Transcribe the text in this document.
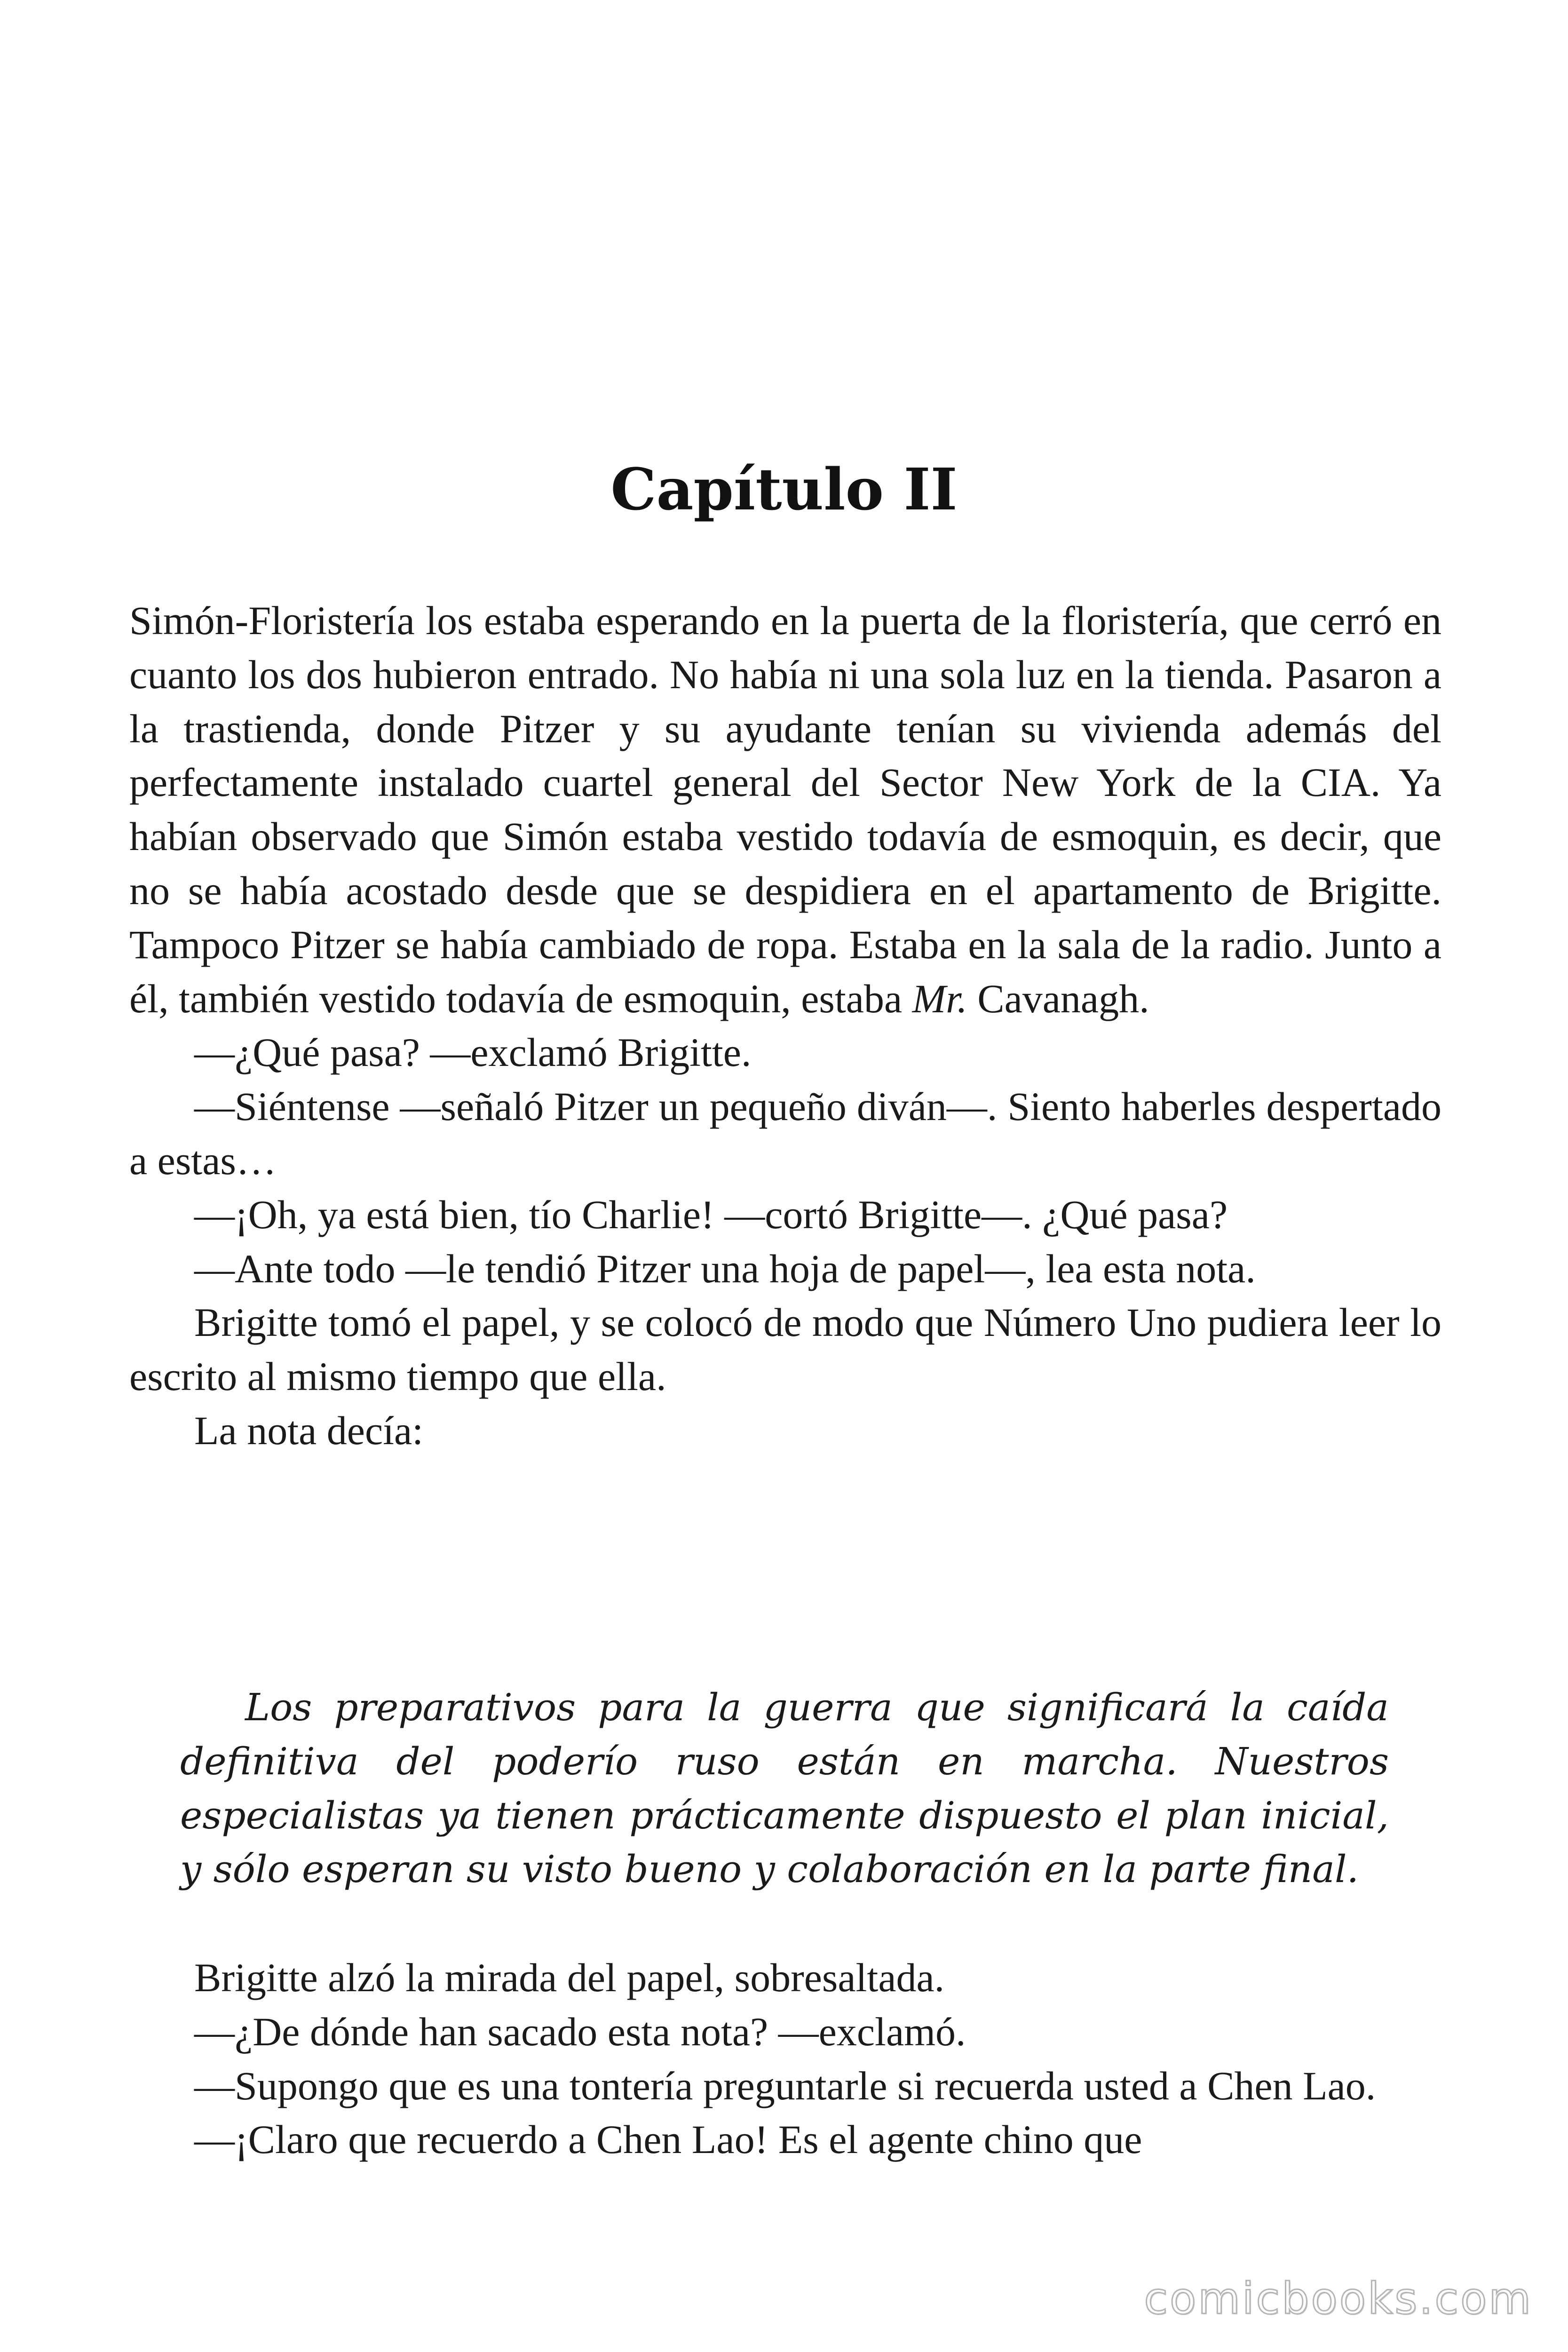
Capítulo II

Simón-Floristería los estaba esperando en la puerta de la floristería, que cerró en cuanto los dos hubieron entrado. No había ni una sola luz en la tienda. Pasaron a la trastienda, donde Pitzer y su ayudante tenían su vivienda además del perfectamente instalado cuartel general del Sector New York de la CIA. Ya habían observado que Simón estaba vestido todavía de esmoquin, es decir, que no se había acostado desde que se despidiera en el apartamento de Brigitte. Tampoco Pitzer se había cambiado de ropa. Estaba en la sala de la radio. Junto a él, también vestido todavía de esmoquin, estaba Mr. Cavanagh.

—¿Qué pasa? —exclamó Brigitte.

—Siéntense —señaló Pitzer un pequeño diván—. Siento haberles despertado a estas…

—¡Oh, ya está bien, tío Charlie! —cortó Brigitte—. ¿Qué pasa?

—Ante todo —le tendió Pitzer una hoja de papel—, lea esta nota.

Brigitte tomó el papel, y se colocó de modo que Número Uno pudiera leer lo escrito al mismo tiempo que ella.

La nota decía:

Los preparativos para la guerra que significará la caída definitiva del poderío ruso están en marcha. Nuestros especialistas ya tienen prácticamente dispuesto el plan inicial, y sólo esperan su visto bueno y colaboración en la parte final.

Brigitte alzó la mirada del papel, sobresaltada.

—¿De dónde han sacado esta nota? —exclamó.

—Supongo que es una tontería preguntarle si recuerda usted a Chen Lao.

—¡Claro que recuerdo a Chen Lao! Es el agente chino que

comicbooks.com
